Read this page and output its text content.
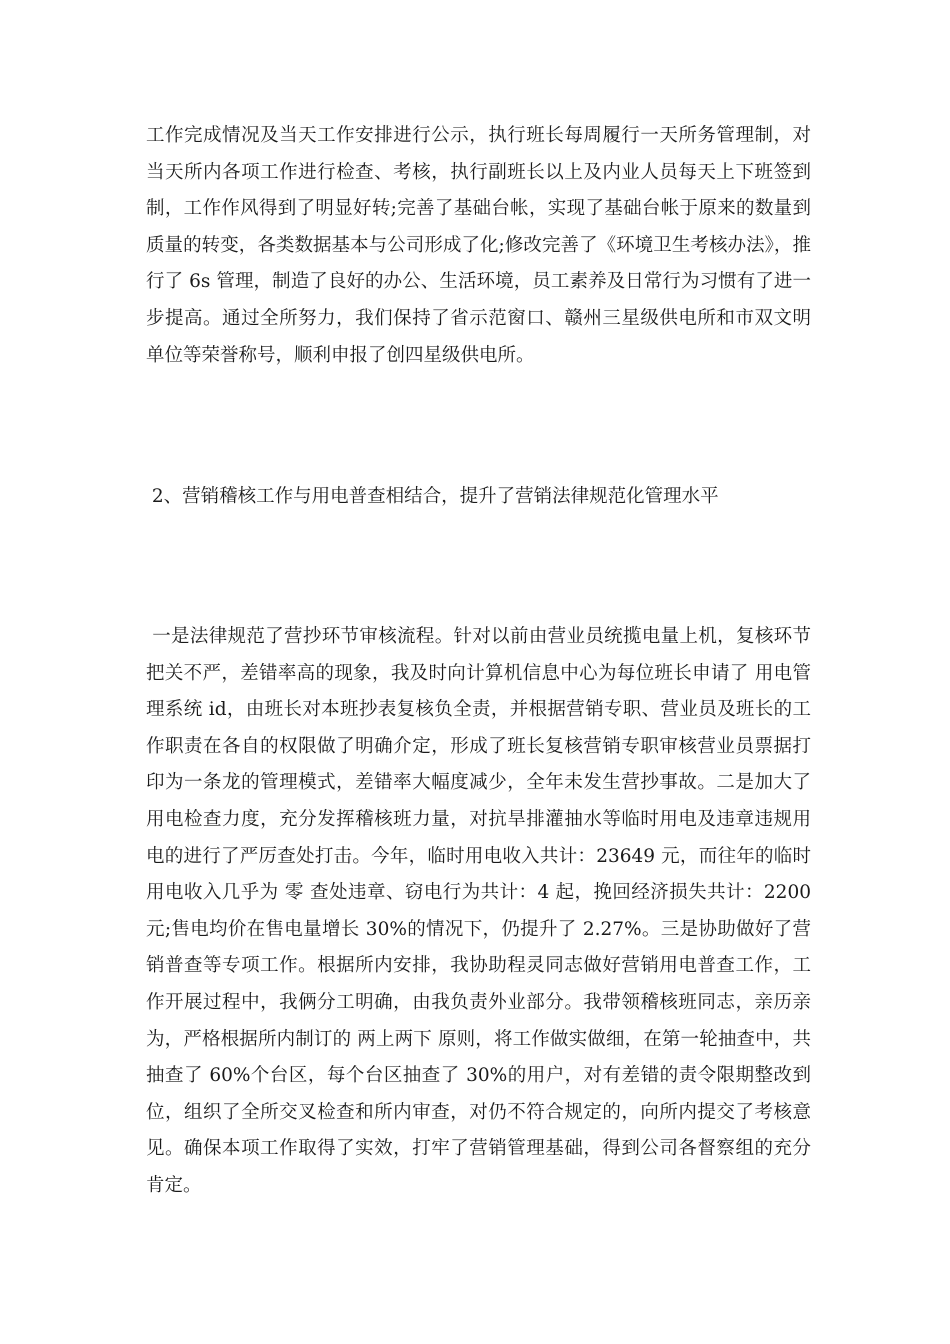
工作完成情况及当天工作安排进行公示，执行班长每周履行一天所务管理制，对当天所内各项工作进行检查、考核，执行副班长以上及内业人员每天上下班签到制，工作作风得到了明显好转;完善了基础台帐，实现了基础台帐于原来的数量到质量的转变，各类数据基本与公司形成了化;修改完善了《环境卫生考核办法》，推行了 6s 管理，制造了良好的办公、生活环境，员工素养及日常行为习惯有了进一步提高。通过全所努力，我们保持了省示范窗口、赣州三星级供电所和市双文明单位等荣誉称号，顺利申报了创四星级供电所。

2、营销稽核工作与用电普查相结合，提升了营销法律规范化管理水平

一是法律规范了营抄环节审核流程。针对以前由营业员统揽电量上机，复核环节把关不严，差错率高的现象，我及时向计算机信息中心为每位班长申请了 用电管理系统 id，由班长对本班抄表复核负全责，并根据营销专职、营业员及班长的工作职责在各自的权限做了明确介定，形成了班长复核营销专职审核营业员票据打印为一条龙的管理模式，差错率大幅度减少，全年未发生营抄事故。二是加大了用电检查力度，充分发挥稽核班力量，对抗旱排灌抽水等临时用电及违章违规用电的进行了严厉查处打击。今年，临时用电收入共计：23649 元，而往年的临时用电收入几乎为 零 查处违章、窃电行为共计：4 起，挽回经济损失共计：2200 元;售电均价在售电量增长 30%的情况下，仍提升了 2.27%。三是协助做好了营销普查等专项工作。根据所内安排，我协助程灵同志做好营销用电普查工作，工作开展过程中，我俩分工明确，由我负责外业部分。我带领稽核班同志，亲历亲为，严格根据所内制订的 两上两下 原则，将工作做实做细，在第一轮抽查中，共抽查了 60%个台区，每个台区抽查了 30%的用户，对有差错的责令限期整改到位，组织了全所交叉检查和所内审查，对仍不符合规定的，向所内提交了考核意见。确保本项工作取得了实效，打牢了营销管理基础，得到公司各督察组的充分肯定。
